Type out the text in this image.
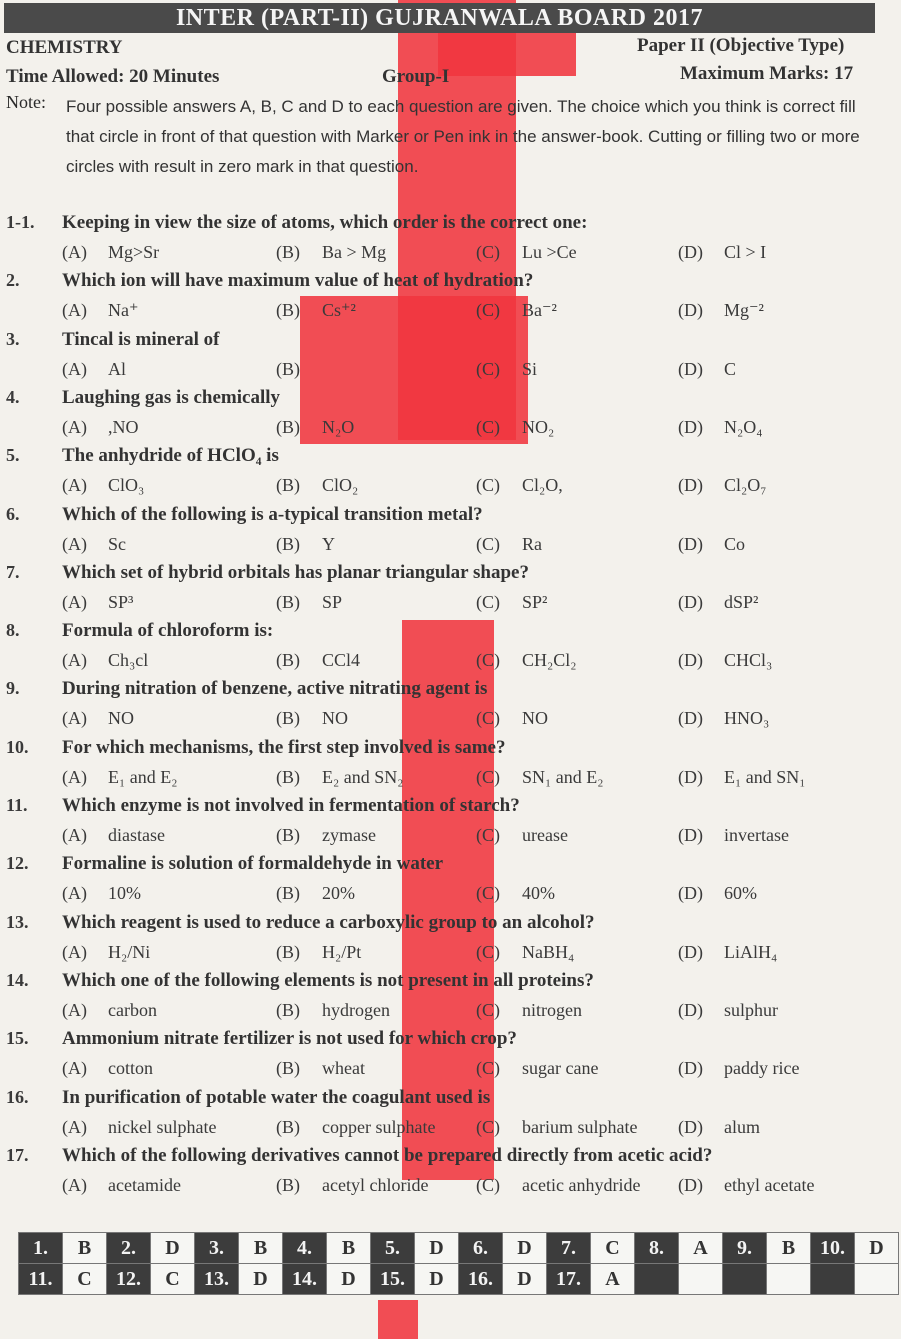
INTER (PART-II) GUJRANWALA BOARD 2017
CHEMISTRY	Paper II (Objective Type)
Time Allowed: 20 Minutes	Group-I	Maximum Marks: 17
Note: Four possible answers A, B, C and D to each question are given. The choice which you think is correct fill that circle in front of that question with Marker or Pen ink in the answer-book. Cutting or filling two or more circles with result in zero mark in that question.
1-1. Keeping in view the size of atoms, which order is the correct one:
(A) Mg>Sr	(B) Ba > Mg	(C) Lu >Ce	(D) Cl > I
2. Which ion will have maximum value of heat of hydration?
(A) Na⁺	(B) Cs⁺²	(C) Ba⁻²	(D) Mg⁻²
3. Tincal is mineral of
(A) Al	(B)	(C) Si	(D) C
4. Laughing gas is chemically
(A) ,NO	(B) N₂O	(C) NO₂	(D) N₂O₄
5. The anhydride of HClO₄ is
(A) ClO₃	(B) ClO₂	(C) Cl₂O,	(D) Cl₂O₇
6. Which of the following is a-typical transition metal?
(A) Sc	(B) Y	(C) Ra	(D) Co
7. Which set of hybrid orbitals has planar triangular shape?
(A) SP³	(B) SP	(C) SP²	(D) dSP²
8. Formula of chloroform is:
(A) Ch₃cl	(B) CCl4	(C) CH₂Cl₂	(D) CHCl₃
9. During nitration of benzene, active nitrating agent is
(A) NO	(B) NO	(C) NO	(D) HNO₃
10. For which mechanisms, the first step involved is same?
(A) E₁ and E₂	(B) E₂ and SN₂	(C) SN₁ and E₂	(D) E₁ and SN₁
11. Which enzyme is not involved in fermentation of starch?
(A) diastase	(B) zymase	(C) urease	(D) invertase
12. Formaline is solution of formaldehyde in water
(A) 10%	(B) 20%	(C) 40%	(D) 60%
13. Which reagent is used to reduce a carboxylic group to an alcohol?
(A) H₂/Ni	(B) H₂/Pt	(C) NaBH₄	(D) LiAlH₄
14. Which one of the following elements is not present in all proteins?
(A) carbon	(B) hydrogen	(C) nitrogen	(D) sulphur
15. Ammonium nitrate fertilizer is not used for which crop?
(A) cotton	(B) wheat	(C) sugar cane	(D) paddy rice
16. In purification of potable water the coagulant used is
(A) nickel sulphate	(B) copper sulphate (C) barium sulphate (D) alum
17. Which of the following derivatives cannot be prepared directly from acetic acid?
(A) acetamide	(B) acetyl chloride	(C) acetic anhydride (D) ethyl acetate
1.	B	2.	D	3.	B	4.	B	5.	D	6.	D	7.	C	8.	A	9.	B	10.	D
11.	C	12.	C	13.	D	14.	D	15.	D	16.	D	17.	A						
